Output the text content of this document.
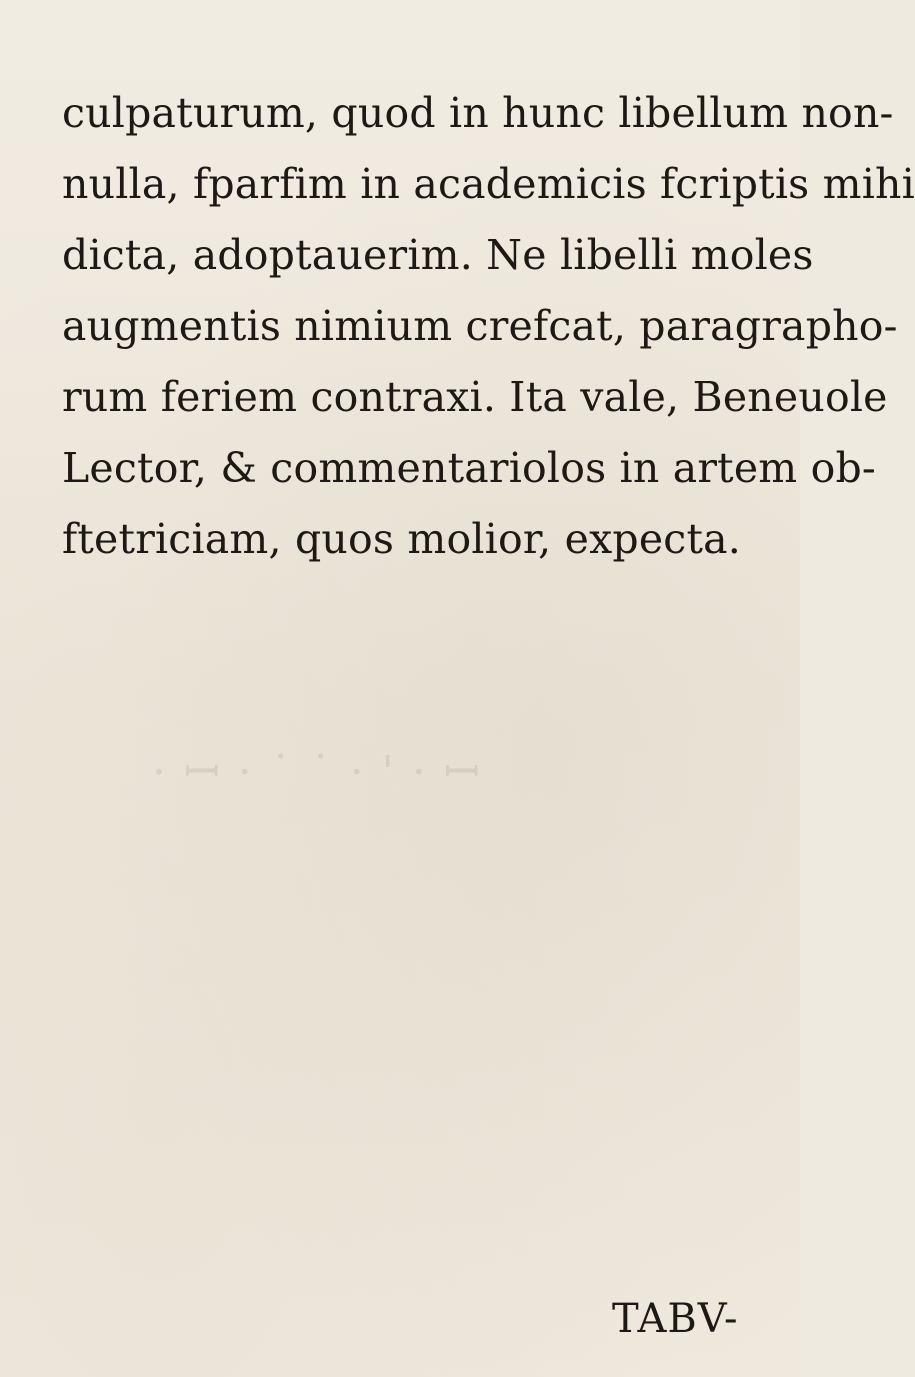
ꟷ · ' · ˙ ˙ · ꟷ ·
culpaturum, quod in hunc libellum non-
nulla, fparfim in academicis fcriptis mihi
dicta, adoptauerim. Ne libelli moles
augmentis nimium crefcat, paragrapho-
rum feriem contraxi. Ita vale, Beneuole
Lector, & commentariolos in artem ob-
ftetriciam, quos molior, expecta.
TABV-
